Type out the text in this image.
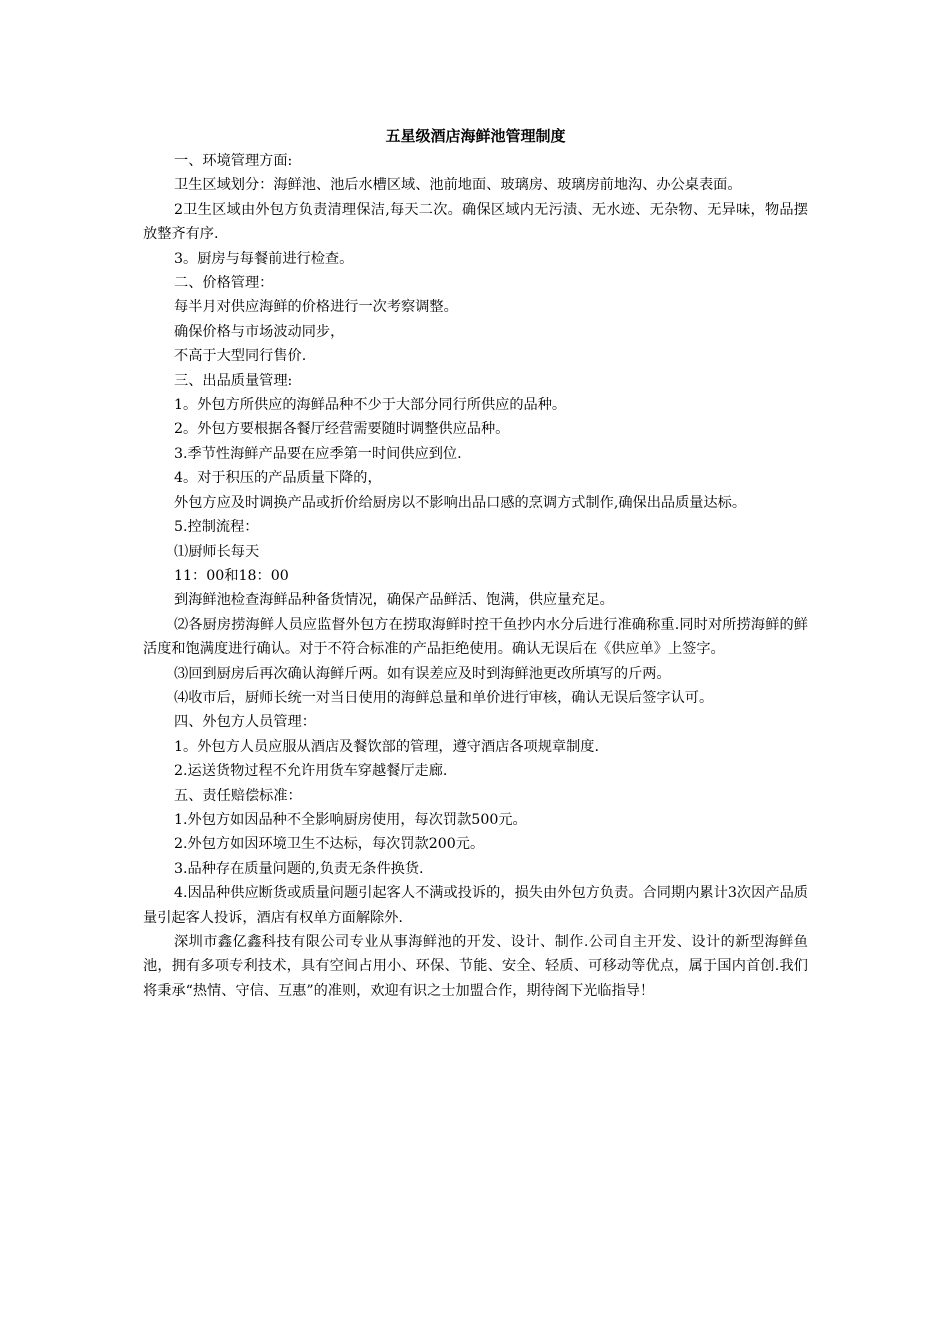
五星级酒店海鲜池管理制度

一、环境管理方面:

卫生区域划分：海鲜池、池后水槽区域、池前地面、玻璃房、玻璃房前地沟、办公桌表面。

2卫生区域由外包方负责清理保洁,每天二次。确保区域内无污渍、无水迹、无杂物、无异味，物品摆放整齐有序.

3。厨房与每餐前进行检查。

二、价格管理：

每半月对供应海鲜的价格进行一次考察调整。

确保价格与市场波动同步，

不高于大型同行售价.

三、出品质量管理:

1。外包方所供应的海鲜品种不少于大部分同行所供应的品种。

2。外包方要根据各餐厅经营需要随时调整供应品种。

3.季节性海鲜产品要在应季第一时间供应到位.

4。对于积压的产品质量下降的，

外包方应及时调换产品或折价给厨房以不影响出品口感的烹调方式制作,确保出品质量达标。

5.控制流程：

⑴厨师长每天

11：00和18：00

到海鲜池检查海鲜品种备货情况，确保产品鲜活、饱满，供应量充足。

⑵各厨房捞海鲜人员应监督外包方在捞取海鲜时控干鱼抄内水分后进行准确称重.同时对所捞海鲜的鲜活度和饱满度进行确认。对于不符合标准的产品拒绝使用。确认无误后在《供应单》上签字。

⑶回到厨房后再次确认海鲜斤两。如有误差应及时到海鲜池更改所填写的斤两。

⑷收市后，厨师长统一对当日使用的海鲜总量和单价进行审核，确认无误后签字认可。

四、外包方人员管理：

1。外包方人员应服从酒店及餐饮部的管理，遵守酒店各项规章制度.

2.运送货物过程不允许用货车穿越餐厅走廊.

五、责任赔偿标准：

1.外包方如因品种不全影响厨房使用，每次罚款500元。

2.外包方如因环境卫生不达标，每次罚款200元。

3.品种存在质量问题的,负责无条件换货.

4.因品种供应断货或质量问题引起客人不满或投诉的，损失由外包方负责。合同期内累计3次因产品质量引起客人投诉，酒店有权单方面解除外.

深圳市鑫亿鑫科技有限公司专业从事海鲜池的开发、设计、制作.公司自主开发、设计的新型海鲜鱼池，拥有多项专利技术，具有空间占用小、环保、节能、安全、轻质、可移动等优点，属于国内首创.我们将秉承“热情、守信、互惠”的准则，欢迎有识之士加盟合作，期待阁下光临指导！
